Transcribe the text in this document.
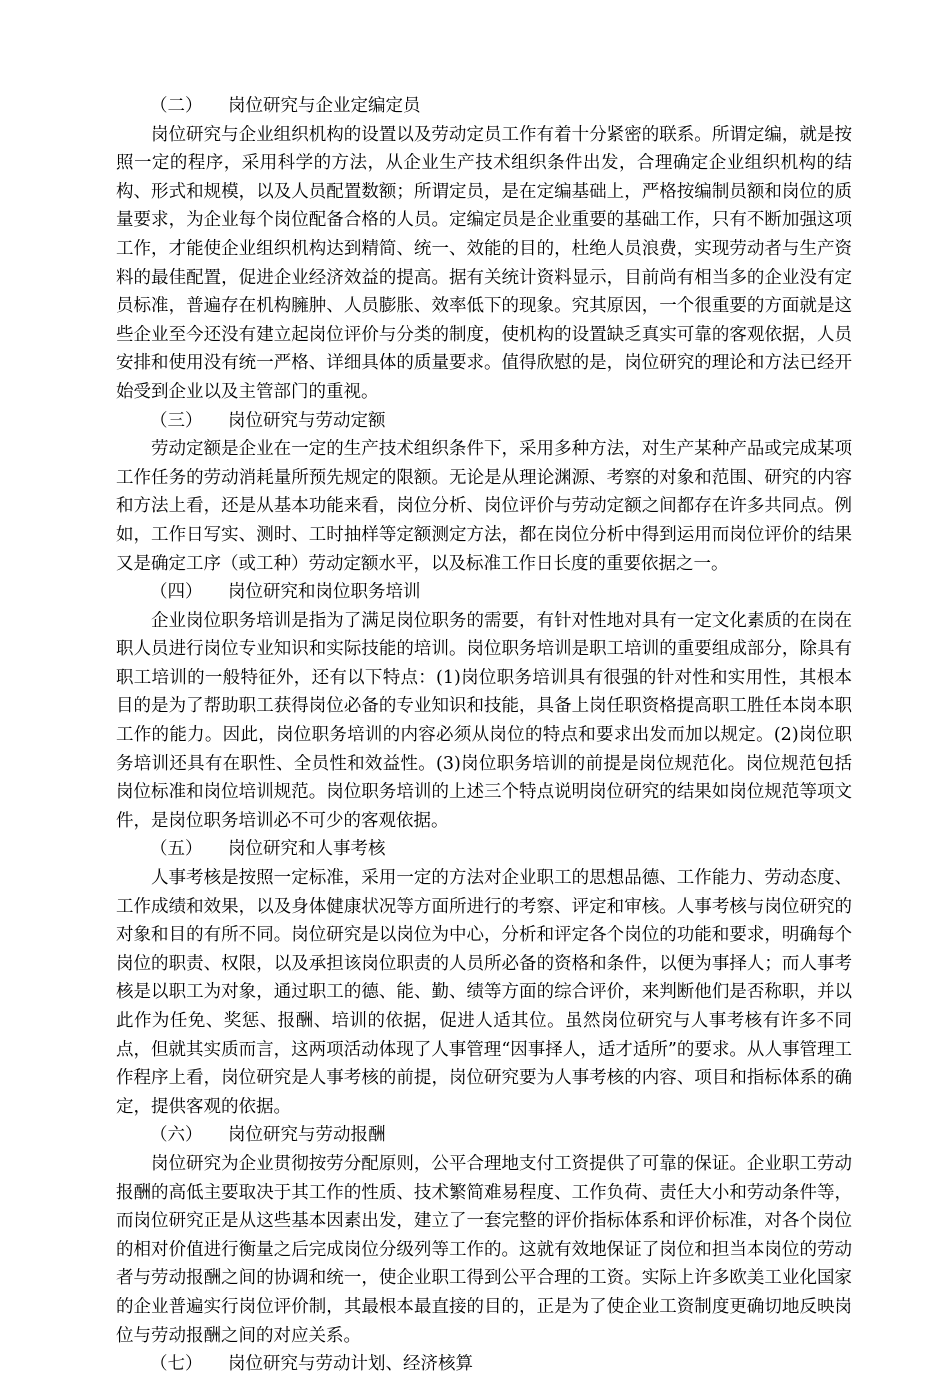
（二） 岗位研究与企业定编定员

岗位研究与企业组织机构的设置以及劳动定员工作有着十分紧密的联系。所谓定编，就是按照一定的程序，采用科学的方法，从企业生产技术组织条件出发，合理确定企业组织机构的结构、形式和规模，以及人员配置数额；所谓定员，是在定编基础上，严格按编制员额和岗位的质量要求，为企业每个岗位配备合格的人员。定编定员是企业重要的基础工作，只有不断加强这项工作，才能使企业组织机构达到精简、统一、效能的目的，杜绝人员浪费，实现劳动者与生产资料的最佳配置，促进企业经济效益的提高。据有关统计资料显示，目前尚有相当多的企业没有定员标准，普遍存在机构臃肿、人员膨胀、效率低下的现象。究其原因，一个很重要的方面就是这些企业至今还没有建立起岗位评价与分类的制度，使机构的设置缺乏真实可靠的客观依据，人员安排和使用没有统一严格、详细具体的质量要求。值得欣慰的是，岗位研究的理论和方法已经开始受到企业以及主管部门的重视。

（三） 岗位研究与劳动定额

劳动定额是企业在一定的生产技术组织条件下，采用多种方法，对生产某种产品或完成某项工作任务的劳动消耗量所预先规定的限额。无论是从理论渊源、考察的对象和范围、研究的内容和方法上看，还是从基本功能来看，岗位分析、岗位评价与劳动定额之间都存在许多共同点。例如，工作日写实、测时、工时抽样等定额测定方法，都在岗位分析中得到运用而岗位评价的结果又是确定工序（或工种）劳动定额水平，以及标准工作日长度的重要依据之一。

（四） 岗位研究和岗位职务培训

企业岗位职务培训是指为了满足岗位职务的需要，有针对性地对具有一定文化素质的在岗在职人员进行岗位专业知识和实际技能的培训。岗位职务培训是职工培训的重要组成部分，除具有职工培训的一般特征外，还有以下特点：(1)岗位职务培训具有很强的针对性和实用性，其根本目的是为了帮助职工获得岗位必备的专业知识和技能，具备上岗任职资格提高职工胜任本岗本职工作的能力。因此，岗位职务培训的内容必须从岗位的特点和要求出发而加以规定。(2)岗位职务培训还具有在职性、全员性和效益性。(3)岗位职务培训的前提是岗位规范化。岗位规范包括岗位标准和岗位培训规范。岗位职务培训的上述三个特点说明岗位研究的结果如岗位规范等项文件，是岗位职务培训必不可少的客观依据。

（五） 岗位研究和人事考核

人事考核是按照一定标准，采用一定的方法对企业职工的思想品德、工作能力、劳动态度、工作成绩和效果，以及身体健康状况等方面所进行的考察、评定和审核。人事考核与岗位研究的对象和目的有所不同。岗位研究是以岗位为中心，分析和评定各个岗位的功能和要求，明确每个岗位的职责、权限，以及承担该岗位职责的人员所必备的资格和条件，以便为事择人；而人事考核是以职工为对象，通过职工的德、能、勤、绩等方面的综合评价，来判断他们是否称职，并以此作为任免、奖惩、报酬、培训的依据，促进人适其位。虽然岗位研究与人事考核有许多不同点，但就其实质而言，这两项活动体现了人事管理“因事择人，适才适所”的要求。从人事管理工作程序上看，岗位研究是人事考核的前提，岗位研究要为人事考核的内容、项目和指标体系的确定，提供客观的依据。

（六） 岗位研究与劳动报酬

岗位研究为企业贯彻按劳分配原则，公平合理地支付工资提供了可靠的保证。企业职工劳动报酬的高低主要取决于其工作的性质、技术繁简难易程度、工作负荷、责任大小和劳动条件等，而岗位研究正是从这些基本因素出发，建立了一套完整的评价指标体系和评价标准，对各个岗位的相对价值进行衡量之后完成岗位分级列等工作的。这就有效地保证了岗位和担当本岗位的劳动者与劳动报酬之间的协调和统一，使企业职工得到公平合理的工资。实际上许多欧美工业化国家的企业普遍实行岗位评价制，其最根本最直接的目的，正是为了使企业工资制度更确切地反映岗位与劳动报酬之间的对应关系。

（七） 岗位研究与劳动计划、经济核算
